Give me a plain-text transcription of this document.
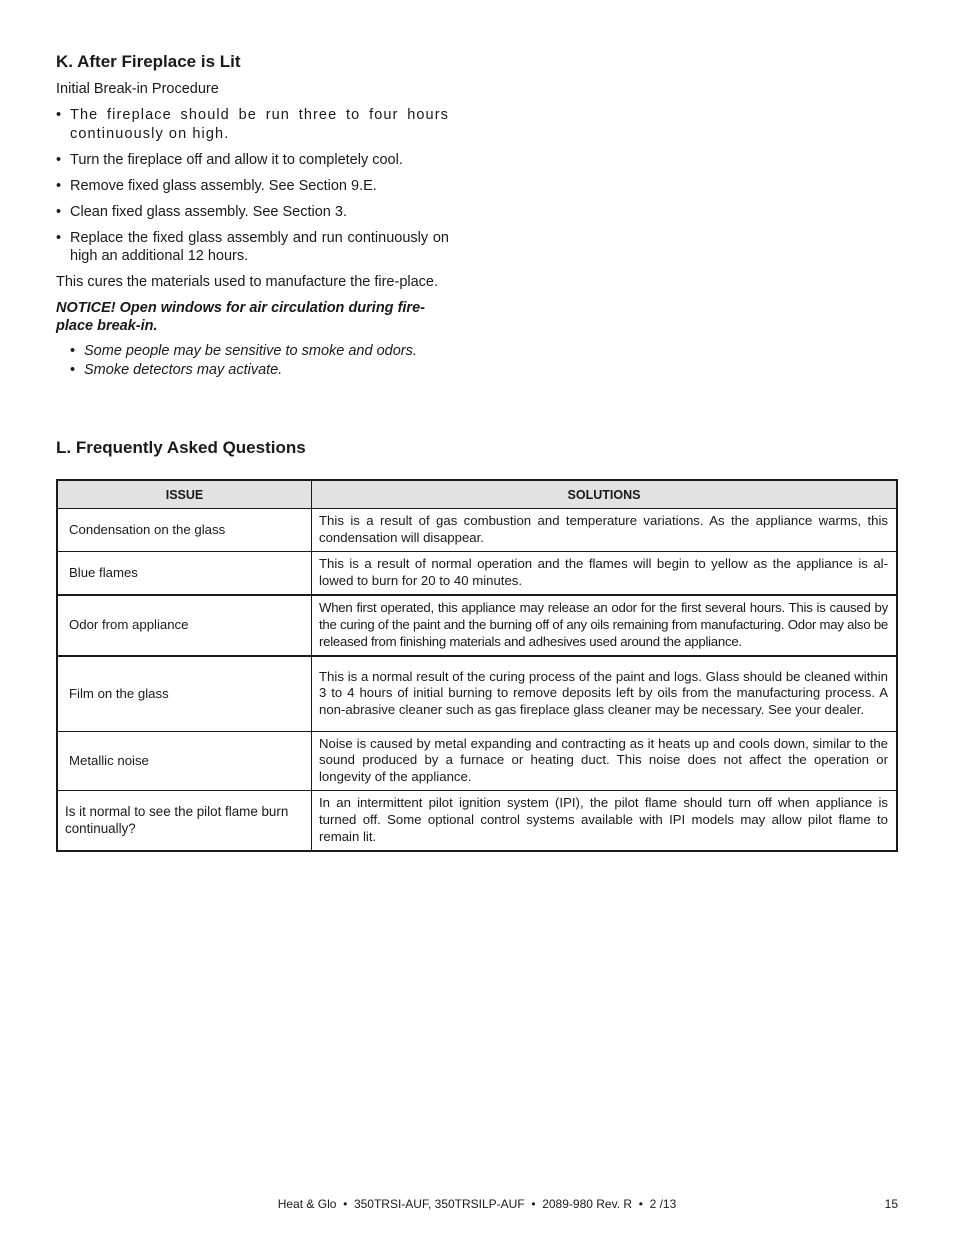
K. After Fireplace is Lit

Initial Break-in Procedure

• The fireplace should be run three to four hours continuously on high.
• Turn the fireplace off and allow it to completely cool.
• Remove fixed glass assembly. See Section 9.E.
• Clean fixed glass assembly. See Section 3.
• Replace the fixed glass assembly and run continuously on high an additional 12 hours.

This cures the materials used to manufacture the fire-place.

NOTICE! Open windows for air circulation during fire-place break-in.

• Some people may be sensitive to smoke and odors.
• Smoke detectors may activate.
L. Frequently Asked Questions
ISSUE	SOLUTIONS
Condensation on the glass	This is a result of gas combustion and temperature variations. As the appliance warms, this condensation will disappear.
Blue flames	This is a result of normal operation and the flames will begin to yellow as the appliance is al-lowed to burn for 20 to 40 minutes.
Odor from appliance	When first operated, this appliance may release an odor for the first several hours. This is caused by the curing of the paint and the burning off of any oils remaining from manufacturing. Odor may also be released from finishing materials and adhesives used around the appliance.
Film on the glass	This is a normal result of the curing process of the paint and logs. Glass should be cleaned within 3 to 4 hours of initial burning to remove deposits left by oils from the manufacturing process. A non-abrasive cleaner such as gas fireplace glass cleaner may be necessary. See your dealer.
Metallic noise	Noise is caused by metal expanding and contracting as it heats up and cools down, similar to the sound produced by a furnace or heating duct. This noise does not affect the operation or longevity of the appliance.
Is it normal to see the pilot flame burn continually?	In an intermittent pilot ignition system (IPI), the pilot flame should turn off when appliance is turned off. Some optional control systems available with IPI models may allow pilot flame to remain lit.
Heat & Glo  •  350TRSI-AUF, 350TRSILP-AUF  •  2089-980 Rev. R  •  2 /13	15
